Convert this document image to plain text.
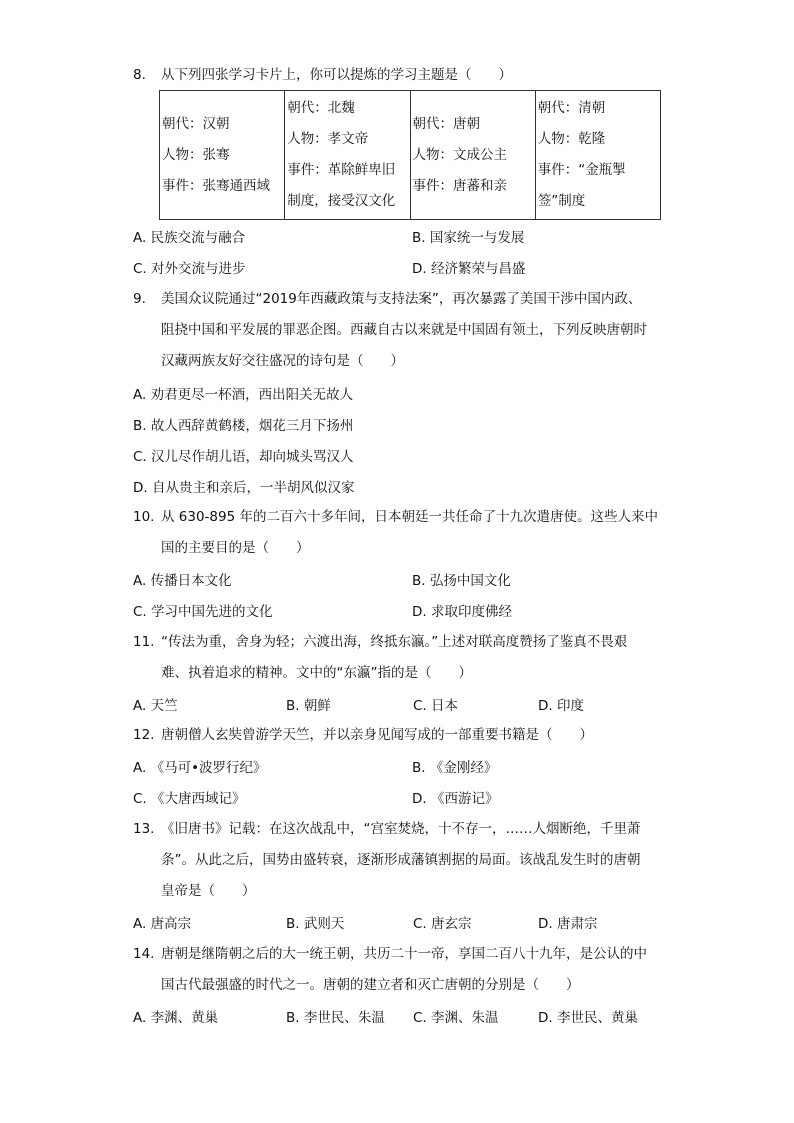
8.	从下列四张学习卡片上，你可以提炼的学习主题是（　　）
朝代：汉朝
人物：张骞
事件：张骞通西域

朝代：北魏
人物：孝文帝
事件：革除鲜卑旧
制度，接受汉文化

朝代：唐朝
人物：文成公主
事件：唐蕃和亲

朝代：清朝
人物：乾隆
事件：“金瓶掣
签”制度
A. 民族交流与融合	B. 国家统一与发展
C. 对外交流与进步	D. 经济繁荣与昌盛
9. 美国众议院通过“2019年西藏政策与支持法案”，再次暴露了美国干涉中国内政、
阻挠中国和平发展的罪恶企图。西藏自古以来就是中国固有领土，下列反映唐朝时
汉藏两族友好交往盛况的诗句是（　　）
A. 劝君更尽一杯酒，西出阳关无故人
B. 故人西辞黄鹤楼，烟花三月下扬州
C. 汉儿尽作胡儿语，却向城头骂汉人
D. 自从贵主和亲后，一半胡风似汉家
10. 从 630-895 年的二百六十多年间，日本朝廷一共任命了十九次遣唐使。这些人来中
国的主要目的是（　　）
A. 传播日本文化	B. 弘扬中国文化
C. 学习中国先进的文化	D. 求取印度佛经
11. “传法为重，舍身为轻；六渡出海，终抵东瀛。”上述对联高度赞扬了鉴真不畏艰
难、执着追求的精神。文中的“东瀛”指的是（　　）
A. 天竺	B. 朝鲜	C. 日本	D. 印度
12. 唐朝僧人玄奘曾游学天竺，并以亲身见闻写成的一部重要书籍是（　　）
A. 《马可•波罗行纪》	B. 《金刚经》
C. 《大唐西域记》	D. 《西游记》
13. 《旧唐书》记载：在这次战乱中，“宫室焚烧，十不存一，……人烟断绝，千里萧
条”。从此之后，国势由盛转衰，逐渐形成藩镇割据的局面。该战乱发生时的唐朝
皇帝是（　　）
A. 唐高宗	B. 武则天	C. 唐玄宗	D. 唐肃宗
14. 唐朝是继隋朝之后的大一统王朝，共历二十一帝，享国二百八十九年，是公认的中
国古代最强盛的时代之一。唐朝的建立者和灭亡唐朝的分别是（　　）
A. 李渊、黄巢	B. 李世民、朱温 C. 李渊、朱温	D. 李世民、黄巢
